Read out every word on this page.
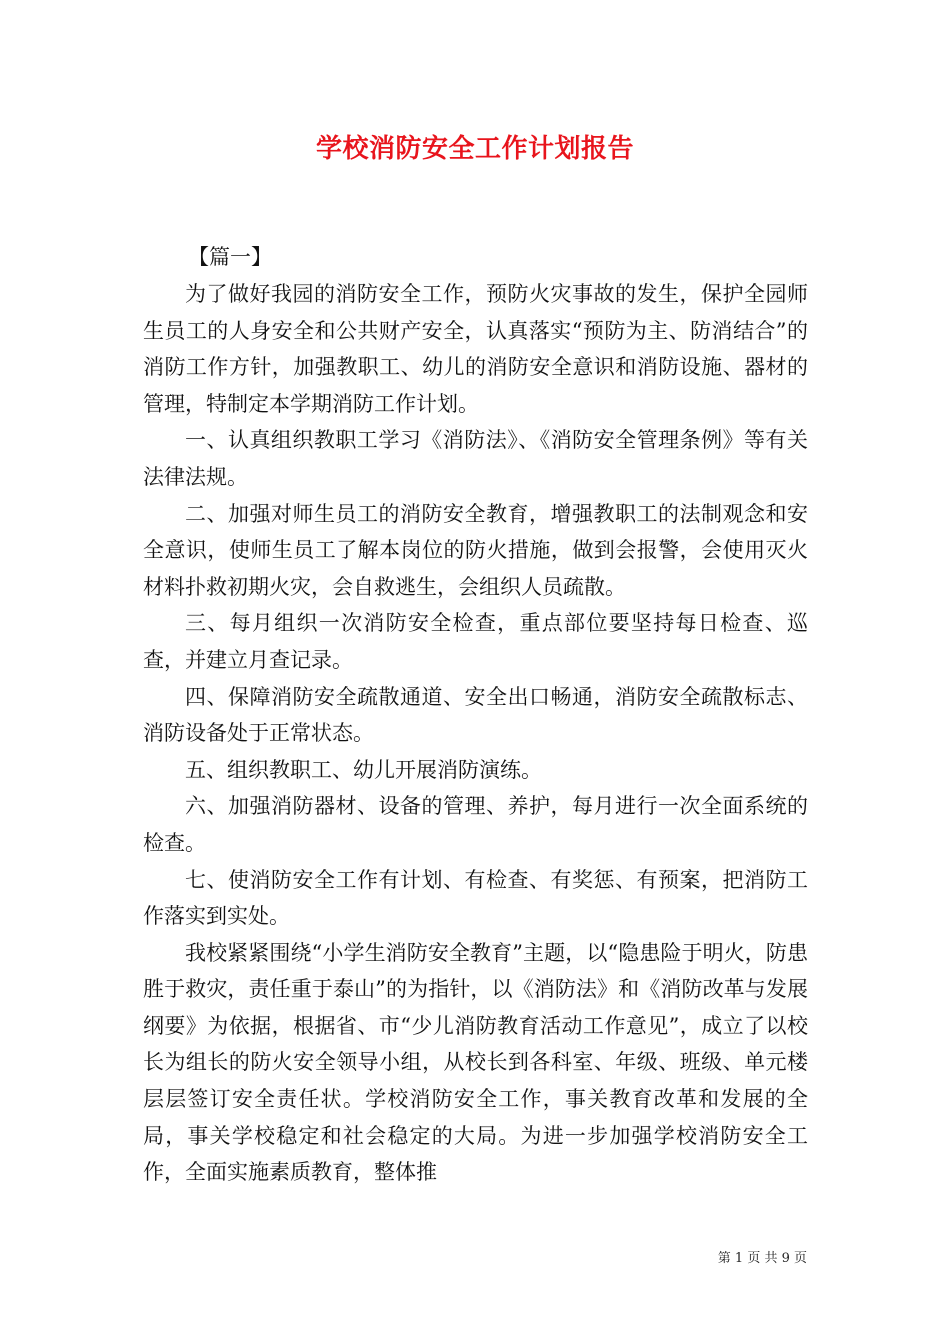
学校消防安全工作计划报告
【篇一】

为了做好我园的消防安全工作，预防火灾事故的发生，保护全园师生员工的人身安全和公共财产安全，认真落实“预防为主、防消结合”的消防工作方针，加强教职工、幼儿的消防安全意识和消防设施、器材的管理，特制定本学期消防工作计划。

一、认真组织教职工学习《消防法》、《消防安全管理条例》等有关法律法规。

二、加强对师生员工的消防安全教育，增强教职工的法制观念和安全意识，使师生员工了解本岗位的防火措施，做到会报警，会使用灭火材料扑救初期火灾，会自救逃生，会组织人员疏散。

三、每月组织一次消防安全检查，重点部位要坚持每日检查、巡查，并建立月查记录。

四、保障消防安全疏散通道、安全出口畅通，消防安全疏散标志、消防设备处于正常状态。

五、组织教职工、幼儿开展消防演练。

六、加强消防器材、设备的管理、养护，每月进行一次全面系统的检查。

七、使消防安全工作有计划、有检查、有奖惩、有预案，把消防工作落实到实处。

我校紧紧围绕“小学生消防安全教育”主题，以“隐患险于明火，防患胜于救灾，责任重于泰山”的为指针，以《消防法》和《消防改革与发展纲要》为依据，根据省、市“少儿消防教育活动工作意见”，成立了以校长为组长的防火安全领导小组，从校长到各科室、年级、班级、单元楼层层签订安全责任状。学校消防安全工作，事关教育改革和发展的全局，事关学校稳定和社会稳定的大局。为进一步加强学校消防安全工作，全面实施素质教育，整体推

第 1 页 共 9 页
